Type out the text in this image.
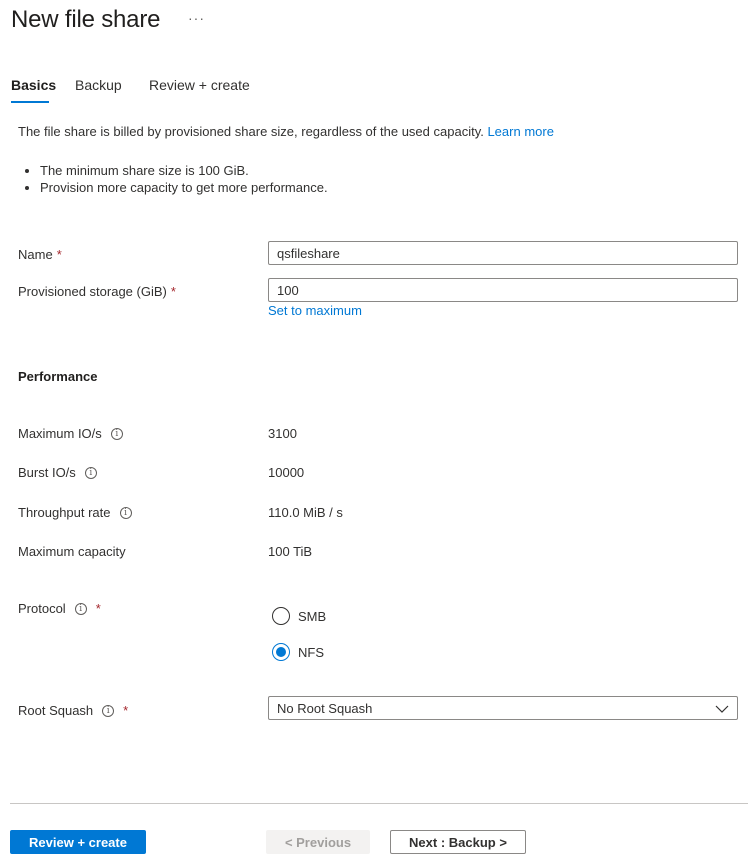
New file share ···
Basics Backup Review + create
The file share is billed by provisioned share size, regardless of the used capacity. Learn more
• The minimum share size is 100 GiB.
• Provision more capacity to get more performance.
Name *
qsfileshare
Provisioned storage (GiB) *
100
Set to maximum
Performance
Maximum IO/s	i	3100
Burst IO/s	i	10000
Throughput rate	i	110.0 MiB / s
Maximum capacity	100 TiB
Protocol	i	*	SMB
NFS
Root Squash	i	*	No Root Squash
Review + create	< Previous	Next : Backup >
